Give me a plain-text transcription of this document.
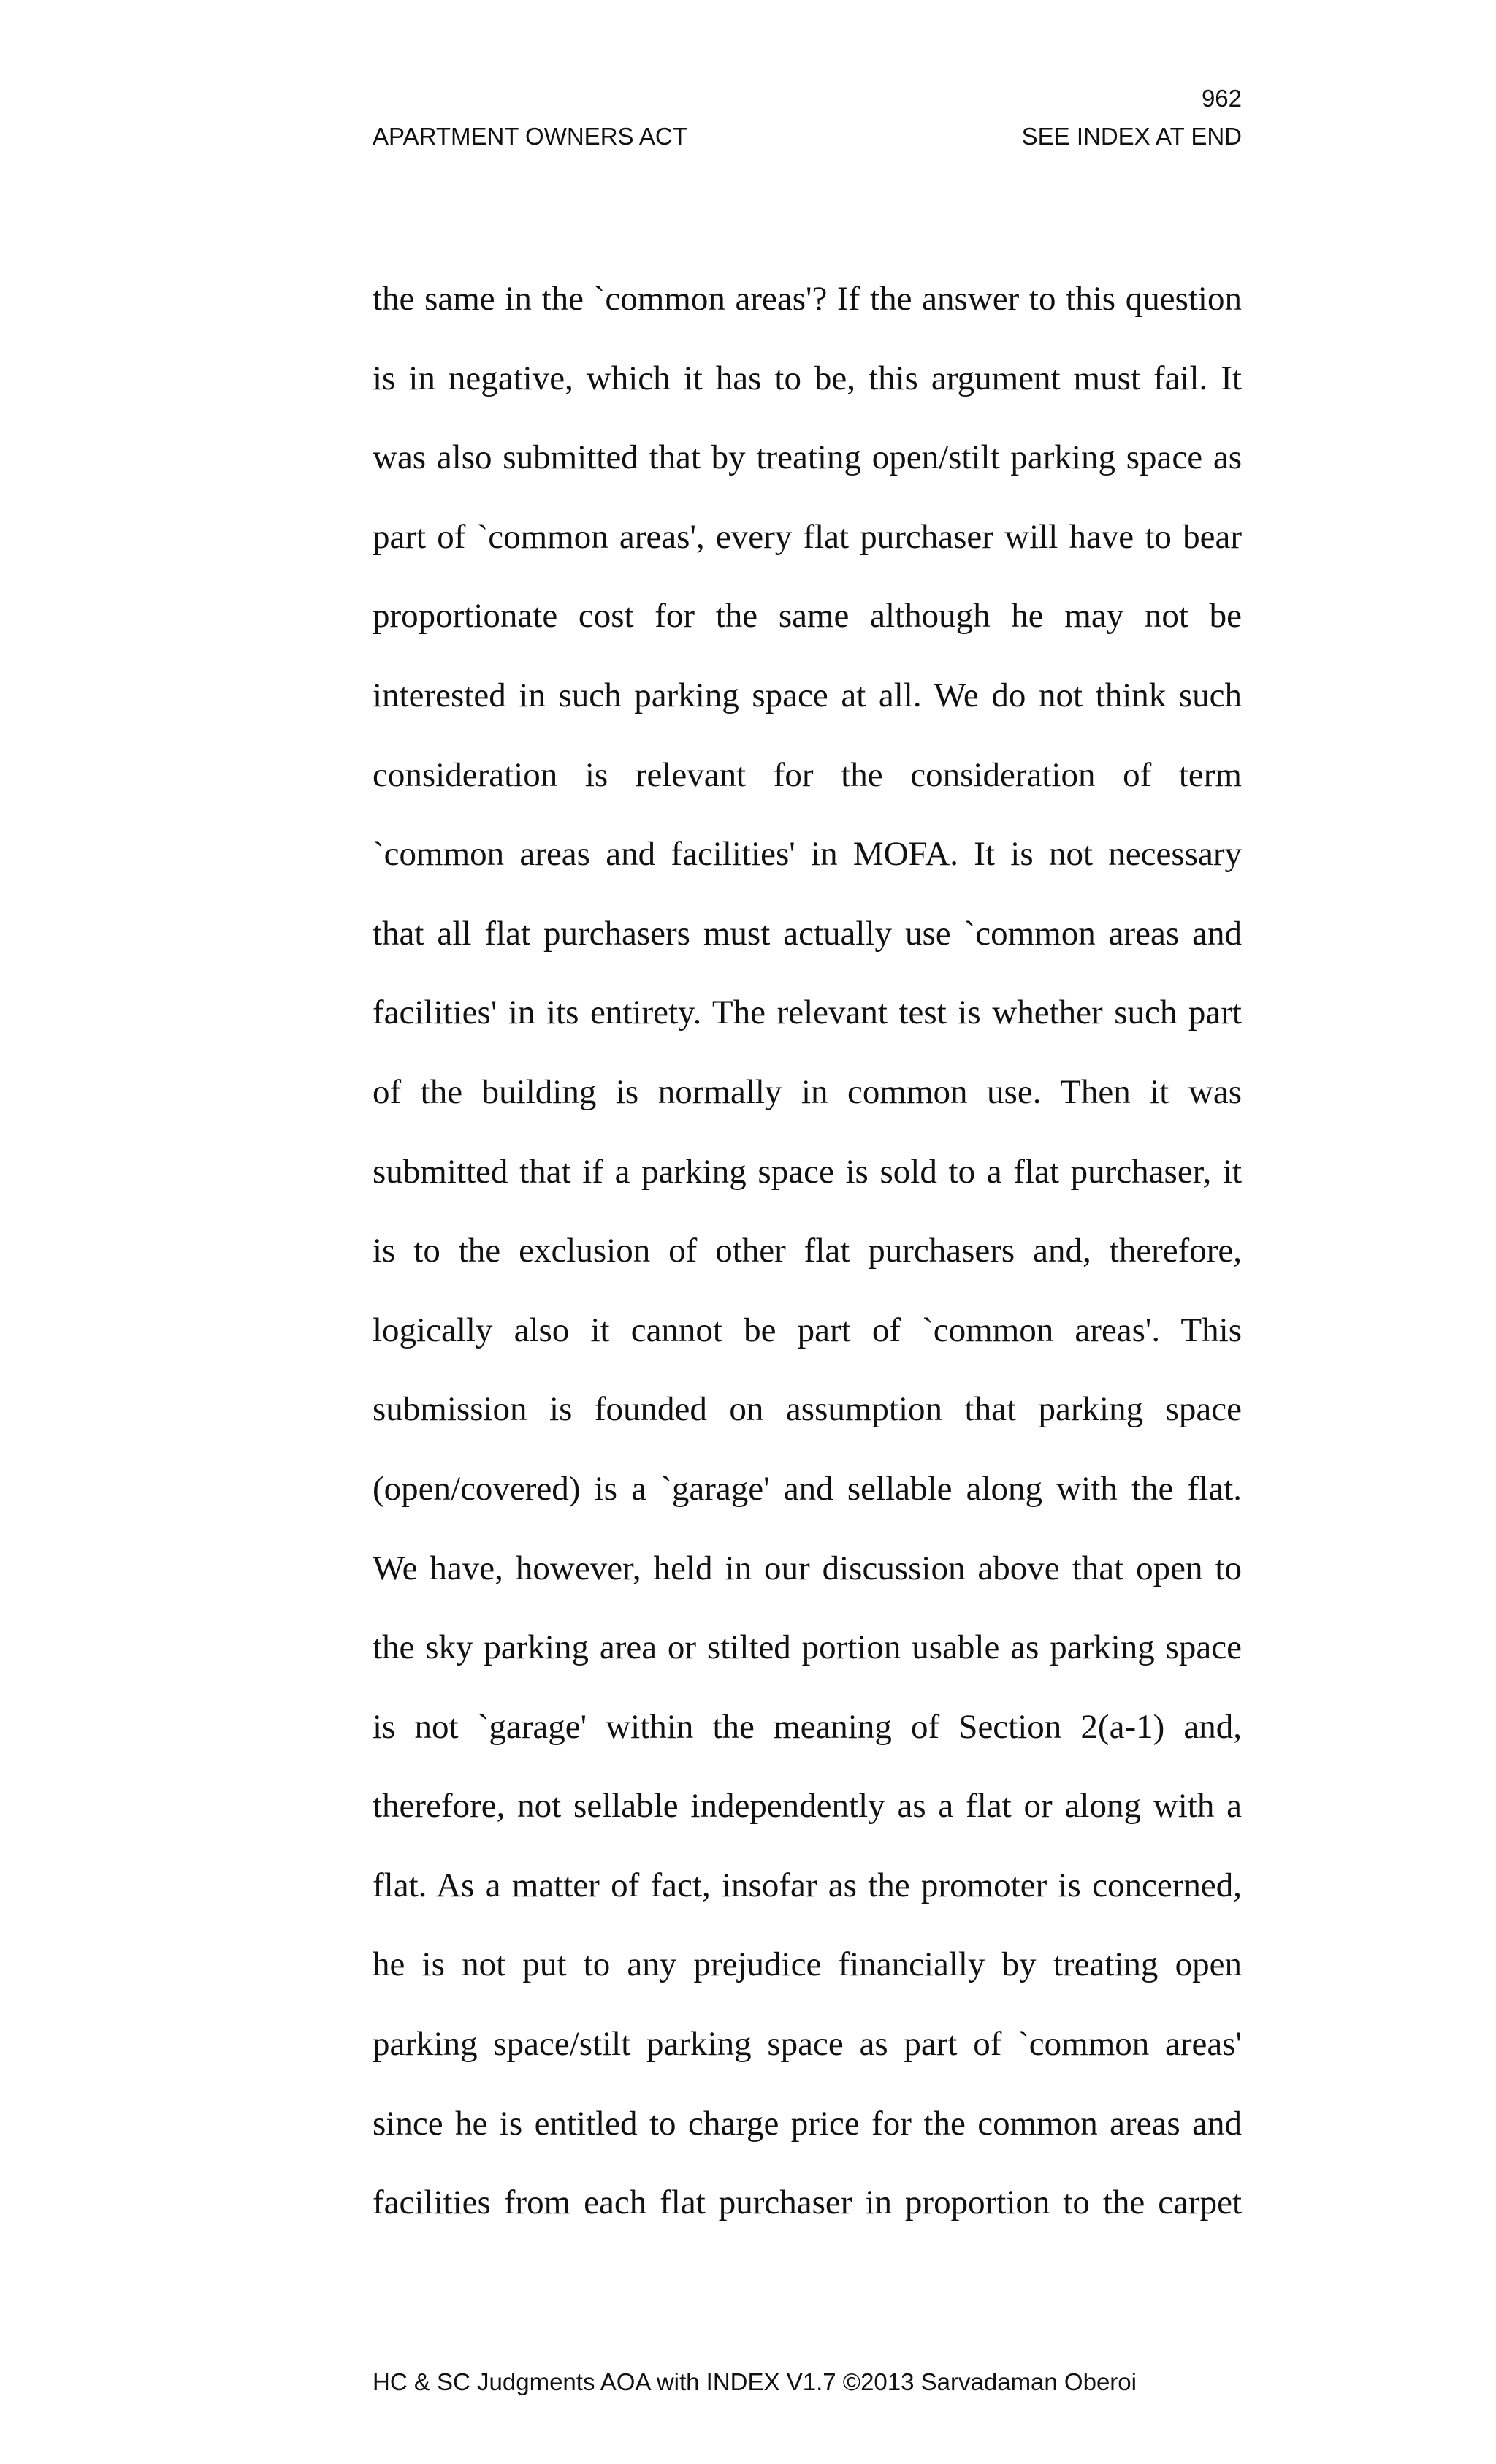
962
APARTMENT OWNERS ACT	SEE INDEX AT END
the same in the `common areas'? If the answer to this question
is in negative, which it has to be, this argument must fail. It
was also submitted that by treating open/stilt parking space as
part of `common areas', every flat purchaser will have to bear
proportionate cost for the same although he may not be
interested in such parking space at all. We do not think such
consideration is relevant for the consideration of term
`common areas and facilities' in MOFA. It is not necessary
that all flat purchasers must actually use `common areas and
facilities' in its entirety. The relevant test is whether such part
of the building is normally in common use. Then it was
submitted that if a parking space is sold to a flat purchaser, it
is to the exclusion of other flat purchasers and, therefore,
logically also it cannot be part of `common areas'. This
submission is founded on assumption that parking space
(open/covered) is a `garage' and sellable along with the flat.
We have, however, held in our discussion above that open to
the sky parking area or stilted portion usable as parking space
is not `garage' within the meaning of Section 2(a-1) and,
therefore, not sellable independently as a flat or along with a
flat. As a matter of fact, insofar as the promoter is concerned,
he is not put to any prejudice financially by treating open
parking space/stilt parking space as part of `common areas'
since he is entitled to charge price for the common areas and
facilities from each flat purchaser in proportion to the carpet
HC & SC Judgments AOA with INDEX V1.7 ©2013 Sarvadaman Oberoi
